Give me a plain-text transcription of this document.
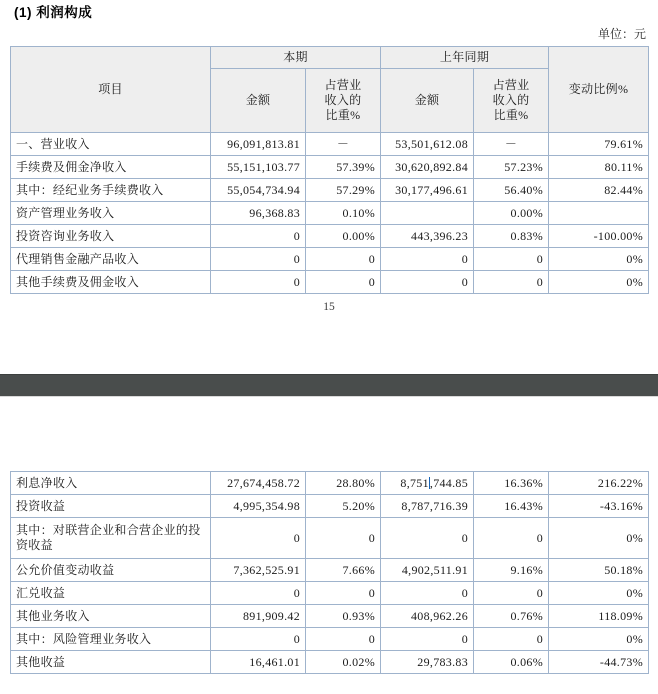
(1) 利润构成
单位：元
项目	本期		上年同期		变动比例%
	金额	占营业
收入的
比重%	金额	占营业
收入的
比重%	

一、营业收入	96,091,813.81	－	53,501,612.08	－	79.61%
手续费及佣金净收入	55,151,103.77	57.39%	30,620,892.84	57.23%	80.11%
其中：经纪业务手续费收入	55,054,734.94	57.29%	30,177,496.61	56.40%	82.44%
资产管理业务收入	96,368.83	0.10%		0.00%	
投资咨询业务收入	0	0.00%	443,396.23	0.83%	-100.00%
代理销售金融产品收入	0	0	0	0	0%
其他手续费及佣金收入	0	0	0	0	0%
15
利息净收入	27,674,458.72	28.80%	8,751,744.85	16.36%	216.22%
投资收益	4,995,354.98	5.20%	8,787,716.39	16.43%	-43.16%
其中：对联营企业和合营企业的投资收益	0	0	0	0	0%
公允价值变动收益	7,362,525.91	7.66%	4,902,511.91	9.16%	50.18%
汇兑收益	0	0	0	0	0%
其他业务收入	891,909.42	0.93%	408,962.26	0.76%	118.09%
其中：风险管理业务收入	0	0	0	0	0%
其他收益	16,461.01	0.02%	29,783.83	0.06%	-44.73%
